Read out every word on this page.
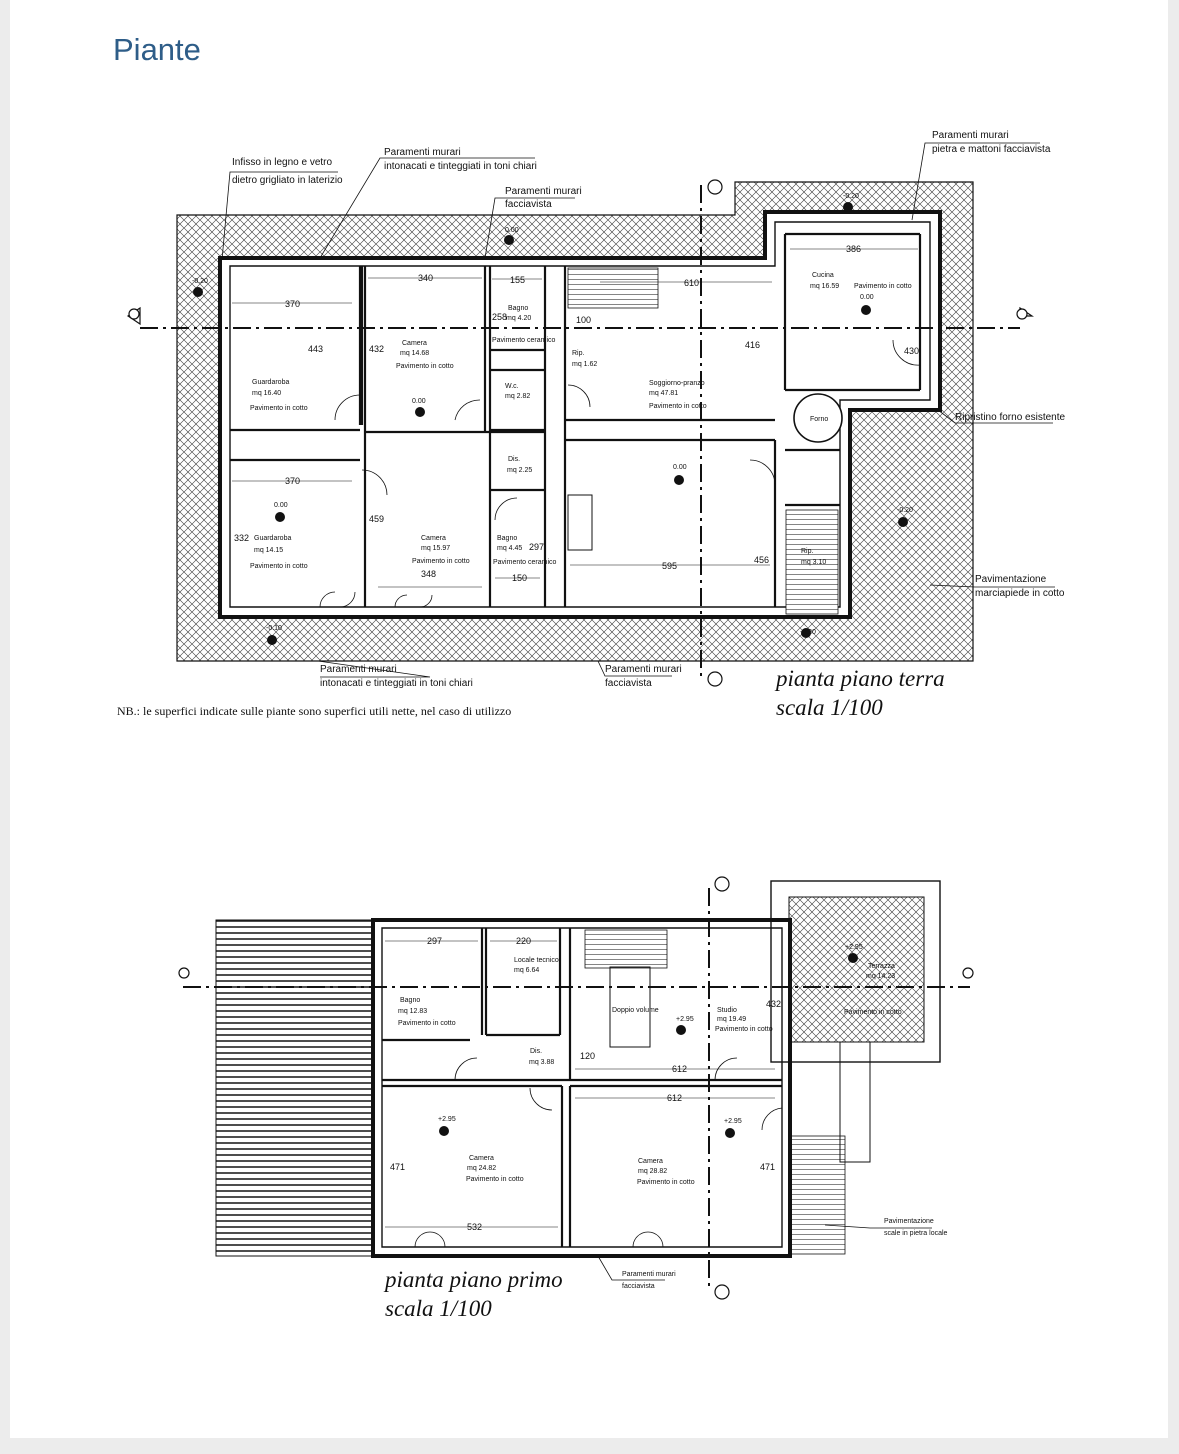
Piante
Infisso in legno e vetro
dietro grigliato in laterizio
Paramenti murari
intonacati e tinteggiati in toni chiari
Paramenti murari
facciavista
Paramenti murari
pietra e mattoni facciavista
Ripristino forno esistente
Pavimentazione
marciapiede in cotto
Paramenti murari
intonacati e tinteggiati in toni chiari
Paramenti murari
facciavista
Guardaroba
mq 16.40
Pavimento in cotto
Camera
mq 14.68
Pavimento in cotto
Bagno
mq 4.20
Pavimento ceramico
W.c.
mq 2.82
Rip.
mq 1.62
Soggiorno-pranzo
mq 47.81
Pavimento in cotto
Cucina
mq 16.59 Pavimento in cotto
Forno
Dis.
mq 2.25
Guardaroba
mq 14.15
Pavimento in cotto
Camera
mq 15.97
Pavimento in cotto
Bagno
mq 4.45
Pavimento ceramico
Rip.
mq 3.10
-0.20
0.00
0.00
0.00
0.00
-0.20
0.00
-0.20
-0.10
-0.20
370
443
340
432
155
258	100
610
416
386
430
370
332
459
348
297
150
595
456
Paramenti murari
facciavista
Pavimentazione
scale in pietra locale
Bagno
mq 12.83
Pavimento in cotto
Locale tecnico
mq 6.64
Doppio volume	Studio
mq 19.49
Pavimento in cotto
Dis.
mq 3.88
Camera
mq 24.82
Pavimento in cotto
Camera
mq 28.82
Pavimento in cotto
Terrazza
mq 14.23
Pavimento in cotto
+2.95
+2.95
+2.95	+2.95
297	220
432
120
612
612
471	471
532
pianta piano terra
scala 1/100
NB.: le superfici indicate sulle piante sono superfici utili nette, nel caso di utilizzo
pianta piano primo
scala 1/100
